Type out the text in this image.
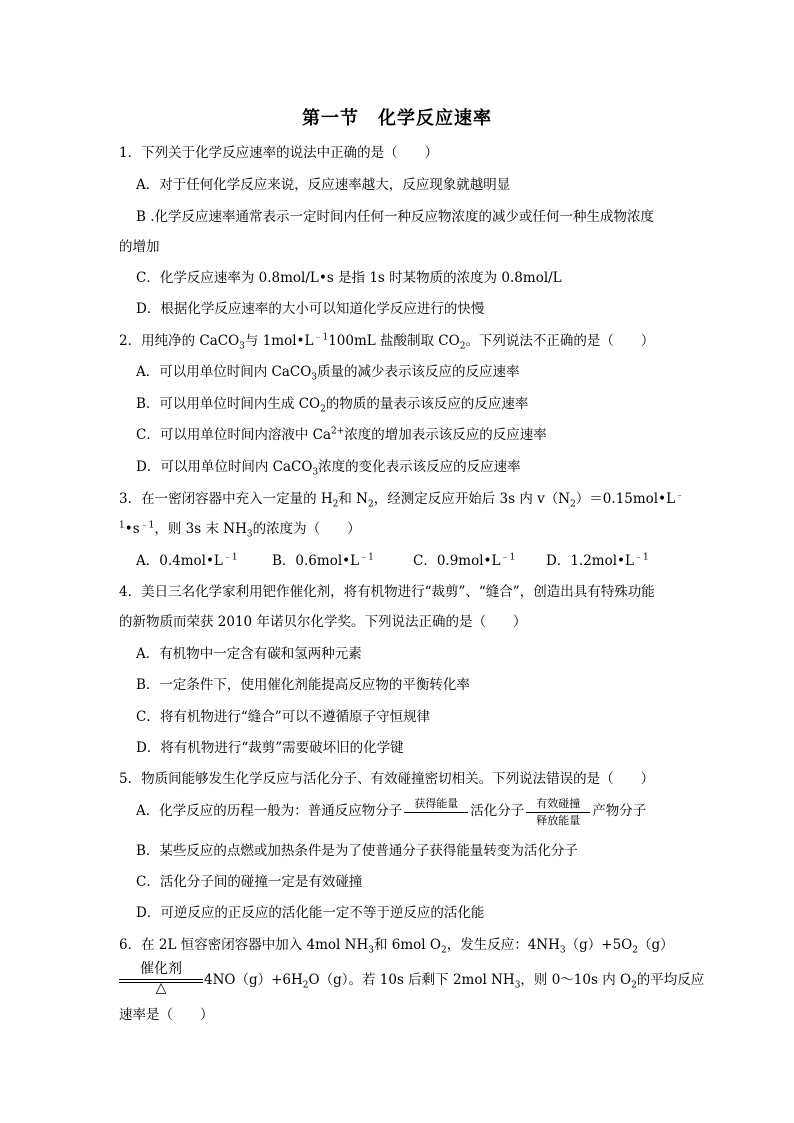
第一节　化学反应速率
1．下列关于化学反应速率的说法中正确的是（　　）
A．对于任何化学反应来说，反应速率越大，反应现象就越明显
B .化学反应速率通常表示一定时间内任何一种反应物浓度的减少或任何一种生成物浓度
的增加
C．化学反应速率为 0.8mol/L•s 是指 1s 时某物质的浓度为 0.8mol/L
D．根据化学反应速率的大小可以知道化学反应进行的快慢
2．用纯净的 CaCO$_3$与 $1mol•L^{﹣1}100mL$ 盐酸制取 $CO_2$。下列说法不正确的是（　　）
A．可以用单位时间内 CaCO$_3$质量的减少表示该反应的反应速率
B．可以用单位时间内生成 $CO_2$的物质的量表示该反应的反应速率
C．可以用单位时间内溶液中 $Ca^{2+}$浓度的增加表示该反应的反应速率
D．可以用单位时间内 CaCO$_3$浓度的变化表示该反应的反应速率
3．在一密闭容器中充入一定量的 $H_2$和 $N_2$，经测定反应开始后 3s 内 $v(N_2)=0.15mol•L^﹣$
$^1•s^{﹣1}$，则 3s 末 $NH_3$的浓度为（　　）
A．$0.4mol•L^{﹣1}$	B．$0.6mol•L^{﹣1}$	C．$0.9mol•L^{﹣1}$ D．$1.2mol•L^{﹣1}$
4．美日三名化学家利用钯作催化剂，将有机物进行“裁剪”、“缝合”，创造出具有特殊功能
的新物质而荣获 2010 年诺贝尔化学奖。下列说法正确的是（　　）
A．有机物中一定含有碳和氢两种元素
B．一定条件下，使用催化剂能提高反应物的平衡转化率
C．将有机物进行“缝合”可以不遵循原子守恒规律
D．将有机物进行“裁剪”需要破坏旧的化学键
5．物质间能够发生化学反应与活化分子、有效碰撞密切相关。下列说法错误的是（　　）
A．化学反应的历程一般为：普通反应物分子	获得能量 活化分子	有效碰撞
释放能量
产物分子
B．某些反应的点燃或加热条件是为了使普通分子获得能量转变为活化分子
C．活化分子间的碰撞一定是有效碰撞
D．可逆反应的正反应的活化能一定不等于逆反应的活化能
6．在 2L 恒容密闭容器中加入 4mol $NH_3$和 6mol $O_2$，发生反应：$4NH_3(g)+5O_2(g)$
催化剂
△	$4NO(g)+6H_2O(g)$。若 10s 后剩下 2mol $NH_3$，则 0～10s 内 $O_2$的平均反应
速率是（　　）
